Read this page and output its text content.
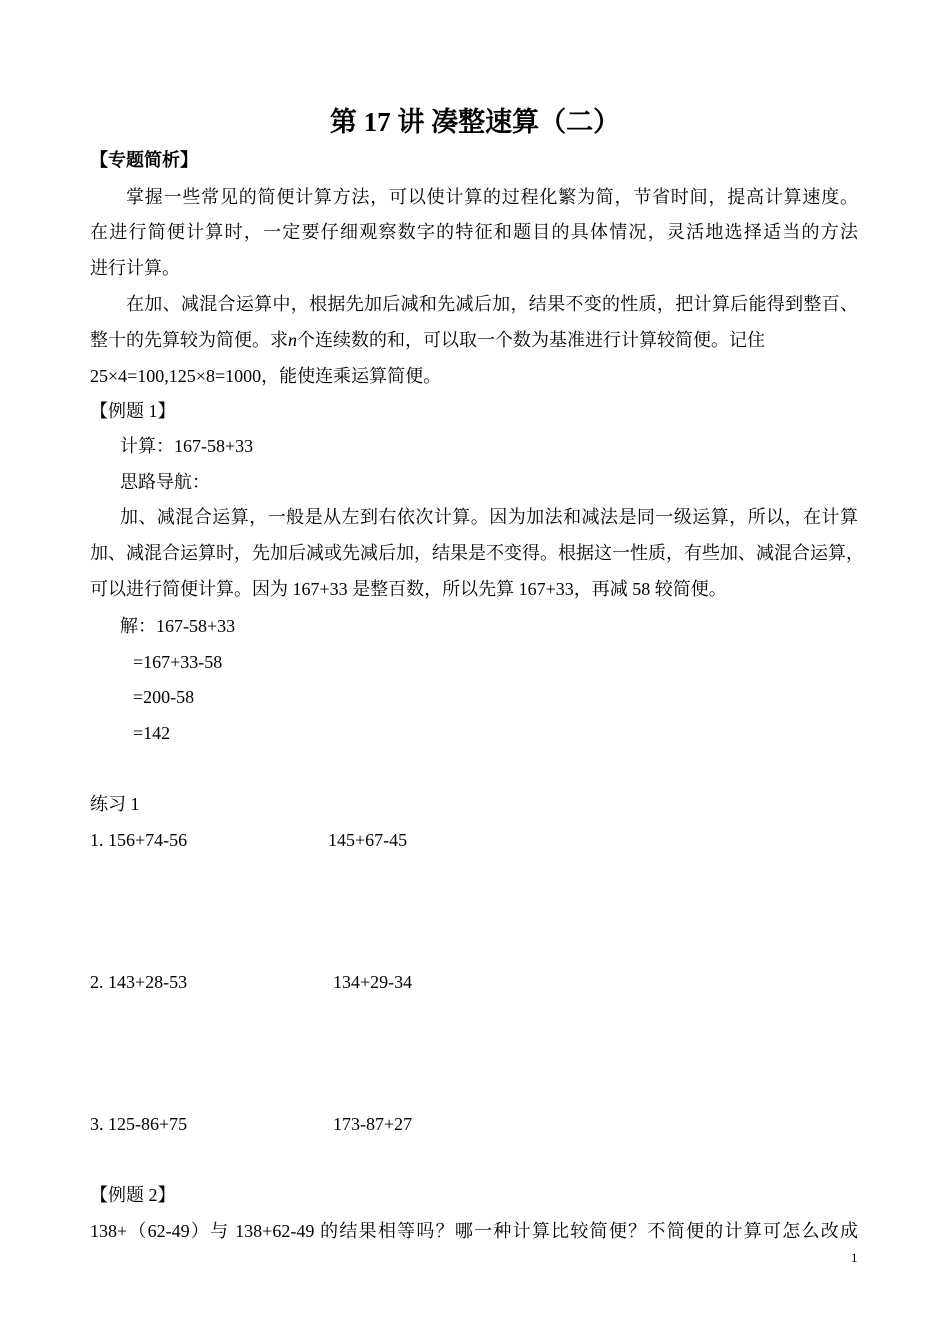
第 17 讲 凑整速算（二）
【专题简析】
掌握一些常见的简便计算方法，可以使计算的过程化繁为简，节省时间，提高计算速度。
在进行简便计算时，一定要仔细观察数字的特征和题目的具体情况，灵活地选择适当的方法
进行计算。
在加、减混合运算中，根据先加后减和先减后加，结果不变的性质，把计算后能得到整百、
整十的先算较为简便。求n个连续数的和，可以取一个数为基准进行计算较简便。记住
25×4=100,125×8=1000，能使连乘运算简便。
【例题 1】
计算：167-58+33
思路导航：
加、减混合运算，一般是从左到右依次计算。因为加法和减法是同一级运算，所以，在计算
加、减混合运算时，先加后减或先减后加，结果是不变得。根据这一性质，有些加、减混合运算，
可以进行简便计算。因为 167+33 是整百数，所以先算 167+33，再减 58 较简便。
解：167-58+33
=167+33-58
=200-58
=142
练习 1
1. 156+74-56	145+67-45
2. 143+28-53	134+29-34
3. 125-86+75	173-87+27
【例题 2】
138+（62-49）与 138+62-49 的结果相等吗？哪一种计算比较简便？不简便的计算可怎么改成
1
